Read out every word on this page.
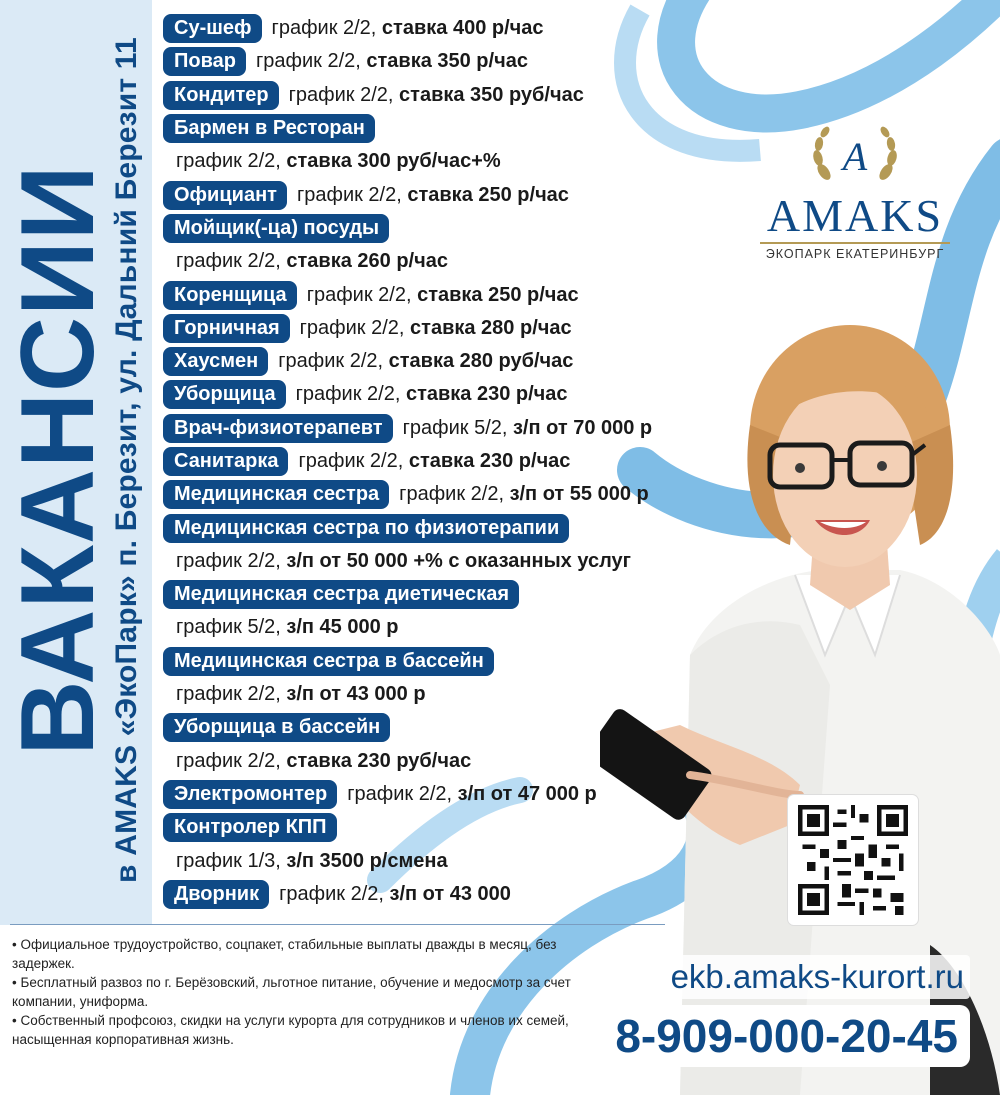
ВАКАНСИИ
в AMAKS «ЭкоПарк» п. Березит, ул. Дальний Березит 11
Су-шеф	график 2/2, ставка 400 р/час
Повар	график 2/2, ставка 350 р/час
Кондитер	график 2/2, ставка 350 руб/час
Бармен в Ресторан
график 2/2, ставка 300 руб/час+%
Официант	график 2/2, ставка 250 р/час
Мойщик(-ца) посуды
график 2/2, ставка 260 р/час
Коренщица	график 2/2, ставка 250 р/час
Горничная	график 2/2, ставка 280 р/час
Хаусмен	график 2/2, ставка 280 руб/час
Уборщица	график 2/2, ставка 230 р/час
Врач-физиотерапевт	график 5/2, з/п от 70 000 р
Санитарка	график 2/2, ставка 230 р/час
Медицинская сестра	график 2/2, з/п от 55 000 р
Медицинская сестра по физиотерапии
график 2/2, з/п от 50 000 +% с оказанных услуг
Медицинская сестра диетическая
график 5/2, з/п 45 000 р
Медицинская сестра в бассейн
график 2/2, з/п от 43 000 р
Уборщица в бассейн
график 2/2, ставка 230 руб/час
Электромонтер	график 2/2, з/п от 47 000 р
Контролер КПП
график 1/3, з/п 3500 р/смена
Дворник	график 2/2, з/п от 43 000
A
AMAKS
ЭКОПАРК ЕКАТЕРИНБУРГ

• Официальное трудоустройство, соцпакет, стабильные выплаты дважды в месяц, без задержек.

• Бесплатный развоз по г. Берёзовский, льготное питание, обучение и медосмотр за счет компании, униформа.

• Собственный профсоюз, скидки на услуги курорта для сотрудников и членов их семей, насыщенная корпоративная жизнь.

ekb.amaks-kurort.ru
8-909-000-20-45
